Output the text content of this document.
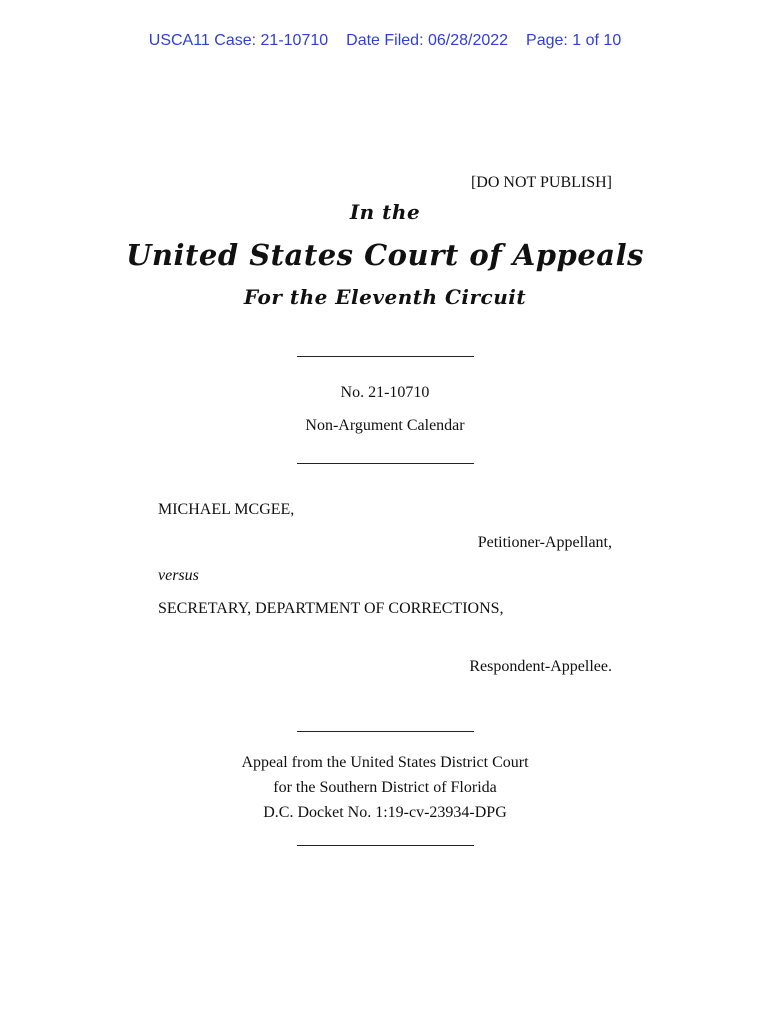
USCA11 Case: 21-10710 Date Filed: 06/28/2022 Page: 1 of 10
[DO NOT PUBLISH]
In the
United States Court of Appeals
For the Eleventh Circuit
No. 21-10710
Non-Argument Calendar
MICHAEL MCGEE,
Petitioner-Appellant,
versus
SECRETARY, DEPARTMENT OF CORRECTIONS,
Respondent-Appellee.
Appeal from the United States District Court
for the Southern District of Florida
D.C. Docket No. 1:19-cv-23934-DPG
